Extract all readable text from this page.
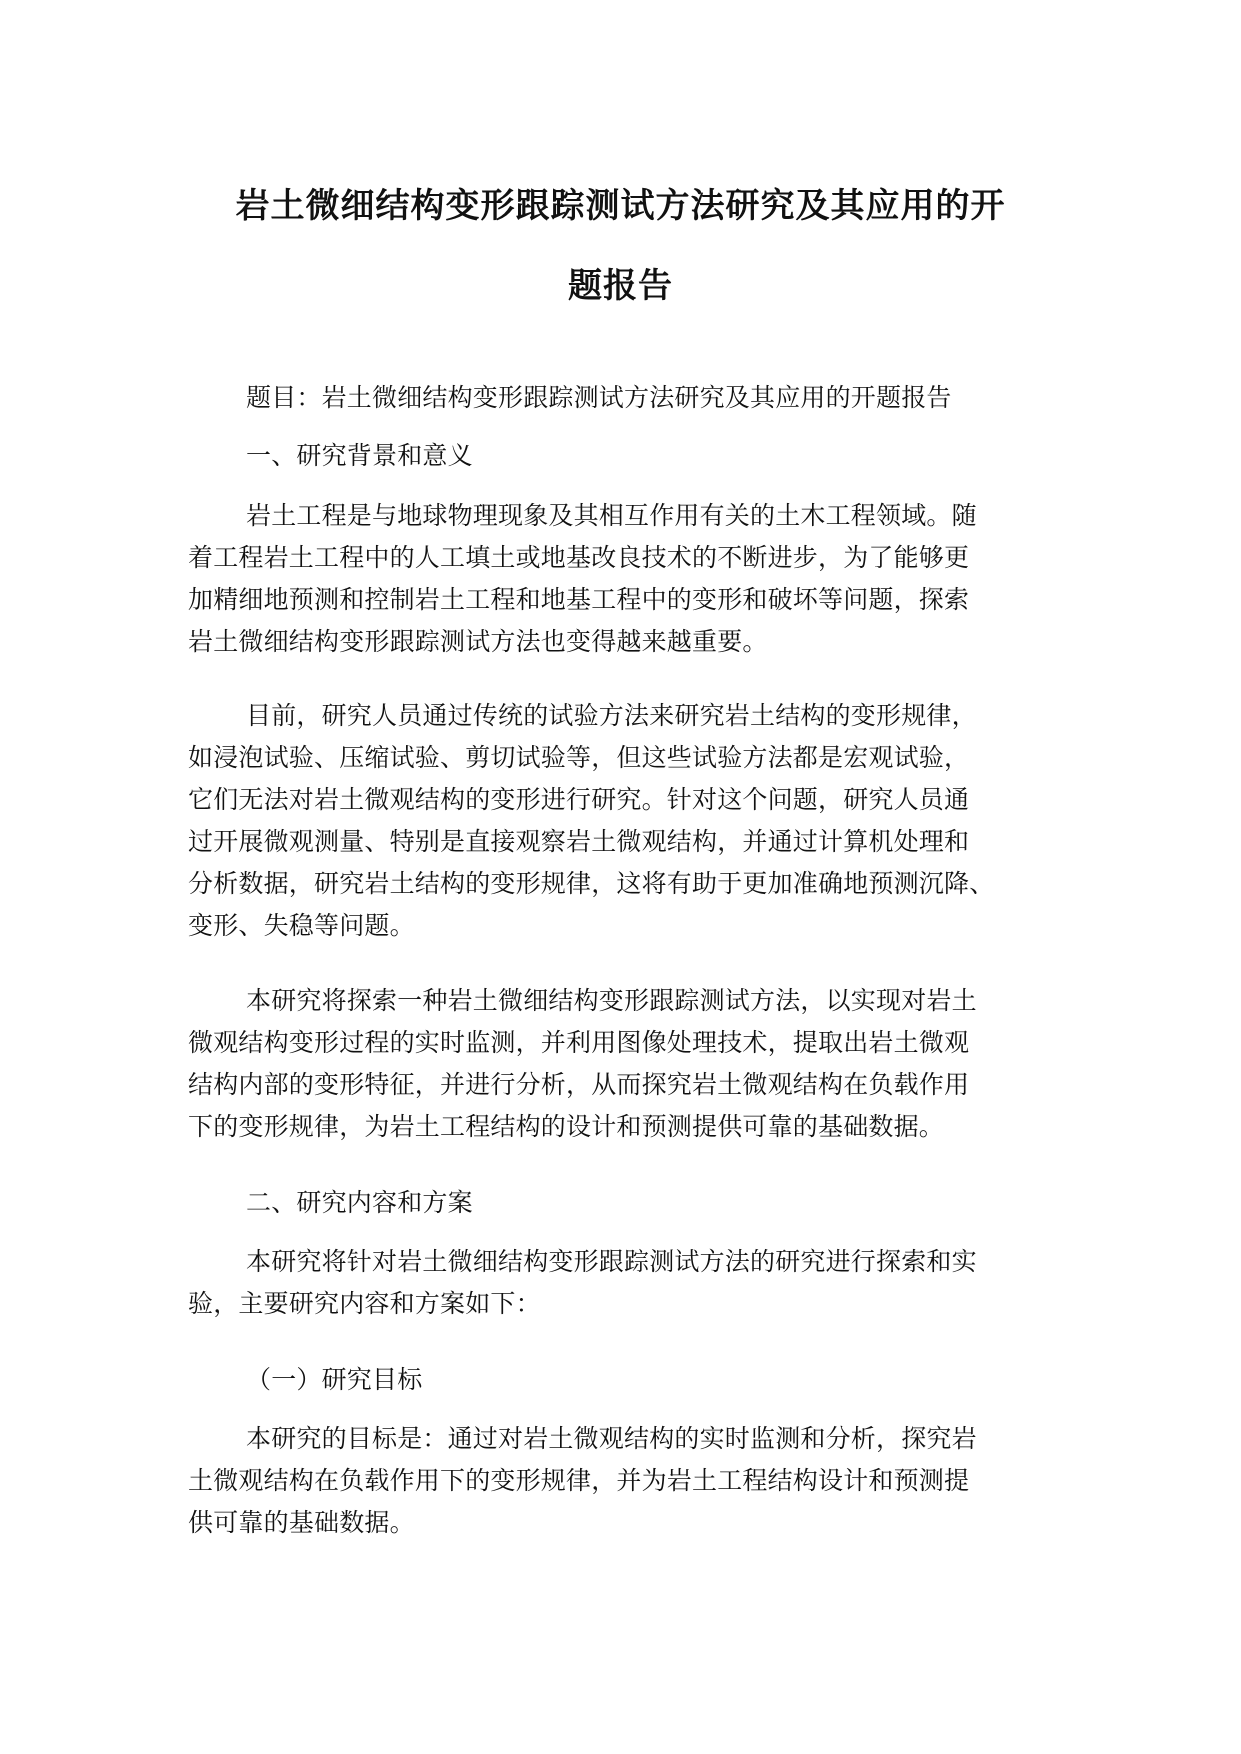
岩土微细结构变形跟踪测试方法研究及其应用的开
题报告
题目：岩土微细结构变形跟踪测试方法研究及其应用的开题报告
一、研究背景和意义
岩土工程是与地球物理现象及其相互作用有关的土木工程领域。随
着工程岩土工程中的人工填土或地基改良技术的不断进步，为了能够更
加精细地预测和控制岩土工程和地基工程中的变形和破坏等问题，探索
岩土微细结构变形跟踪测试方法也变得越来越重要。
目前，研究人员通过传统的试验方法来研究岩土结构的变形规律，
如浸泡试验、压缩试验、剪切试验等，但这些试验方法都是宏观试验，
它们无法对岩土微观结构的变形进行研究。针对这个问题，研究人员通
过开展微观测量、特别是直接观察岩土微观结构，并通过计算机处理和
分析数据，研究岩土结构的变形规律，这将有助于更加准确地预测沉降、
变形、失稳等问题。
本研究将探索一种岩土微细结构变形跟踪测试方法，以实现对岩土
微观结构变形过程的实时监测，并利用图像处理技术，提取出岩土微观
结构内部的变形特征，并进行分析，从而探究岩土微观结构在负载作用
下的变形规律，为岩土工程结构的设计和预测提供可靠的基础数据。
二、研究内容和方案
本研究将针对岩土微细结构变形跟踪测试方法的研究进行探索和实
验，主要研究内容和方案如下：
（一）研究目标
本研究的目标是：通过对岩土微观结构的实时监测和分析，探究岩
土微观结构在负载作用下的变形规律，并为岩土工程结构设计和预测提
供可靠的基础数据。
